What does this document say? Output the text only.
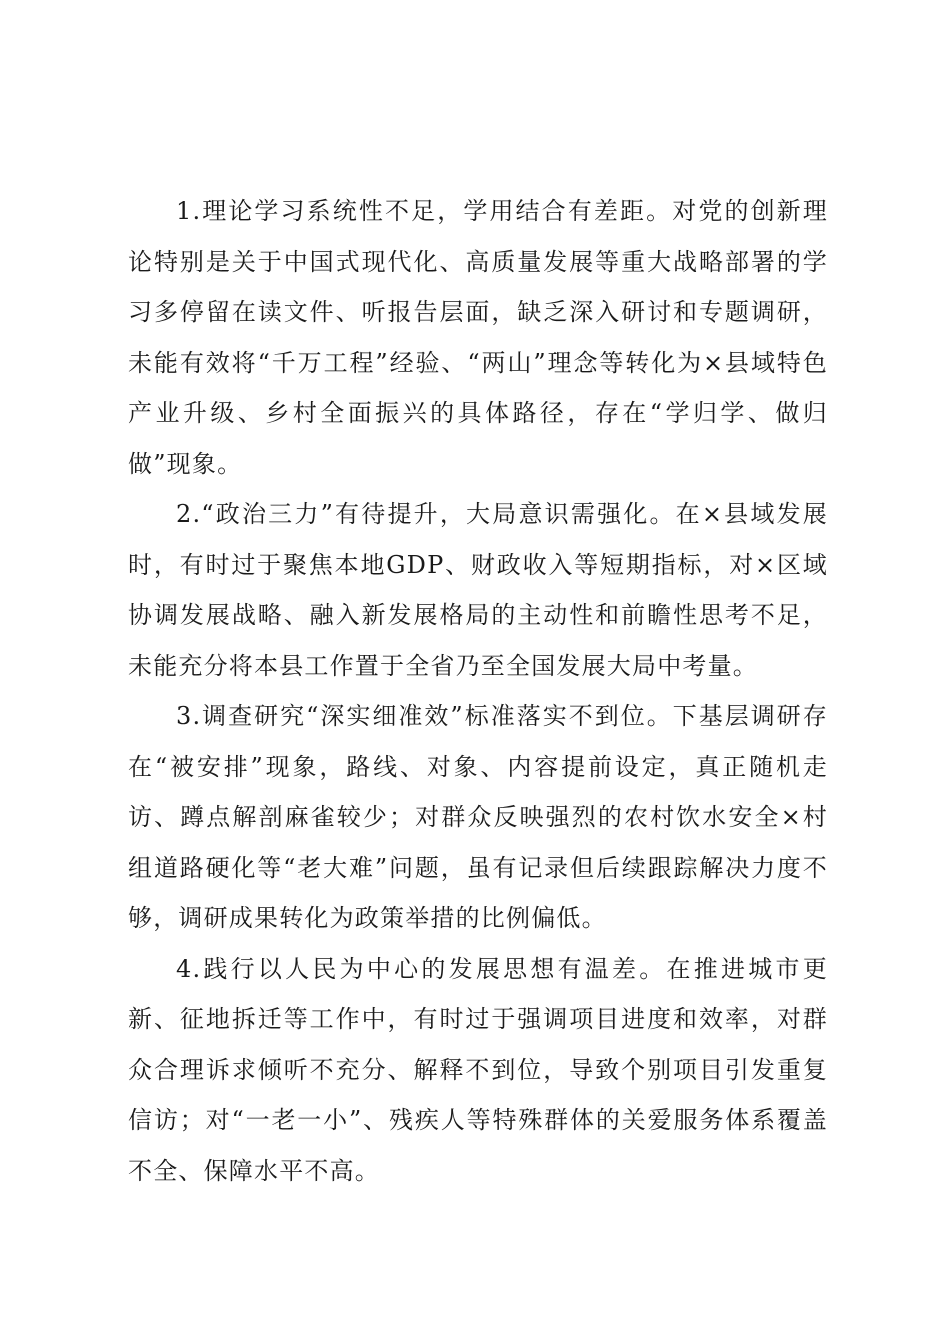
1.理论学习系统性不足，学用结合有差距。对党的创新理论特别是关于中国式现代化、高质量发展等重大战略部署的学习多停留在读文件、听报告层面，缺乏深入研讨和专题调研，未能有效将“千万工程”经验、“两山”理念等转化为×县域特色产业升级、乡村全面振兴的具体路径，存在“学归学、做归做”现象。

2.“政治三力”有待提升，大局意识需强化。在×县域发展时，有时过于聚焦本地GDP、财政收入等短期指标，对×区域协调发展战略、融入新发展格局的主动性和前瞻性思考不足，未能充分将本县工作置于全省乃至全国发展大局中考量。

3.调查研究“深实细准效”标准落实不到位。下基层调研存在“被安排”现象，路线、对象、内容提前设定，真正随机走访、蹲点解剖麻雀较少；对群众反映强烈的农村饮水安全×村组道路硬化等“老大难”问题，虽有记录但后续跟踪解决力度不够，调研成果转化为政策举措的比例偏低。

4.践行以人民为中心的发展思想有温差。在推进城市更新、征地拆迁等工作中，有时过于强调项目进度和效率，对群众合理诉求倾听不充分、解释不到位，导致个别项目引发重复信访；对“一老一小”、残疾人等特殊群体的关爱服务体系覆盖不全、保障水平不高。
